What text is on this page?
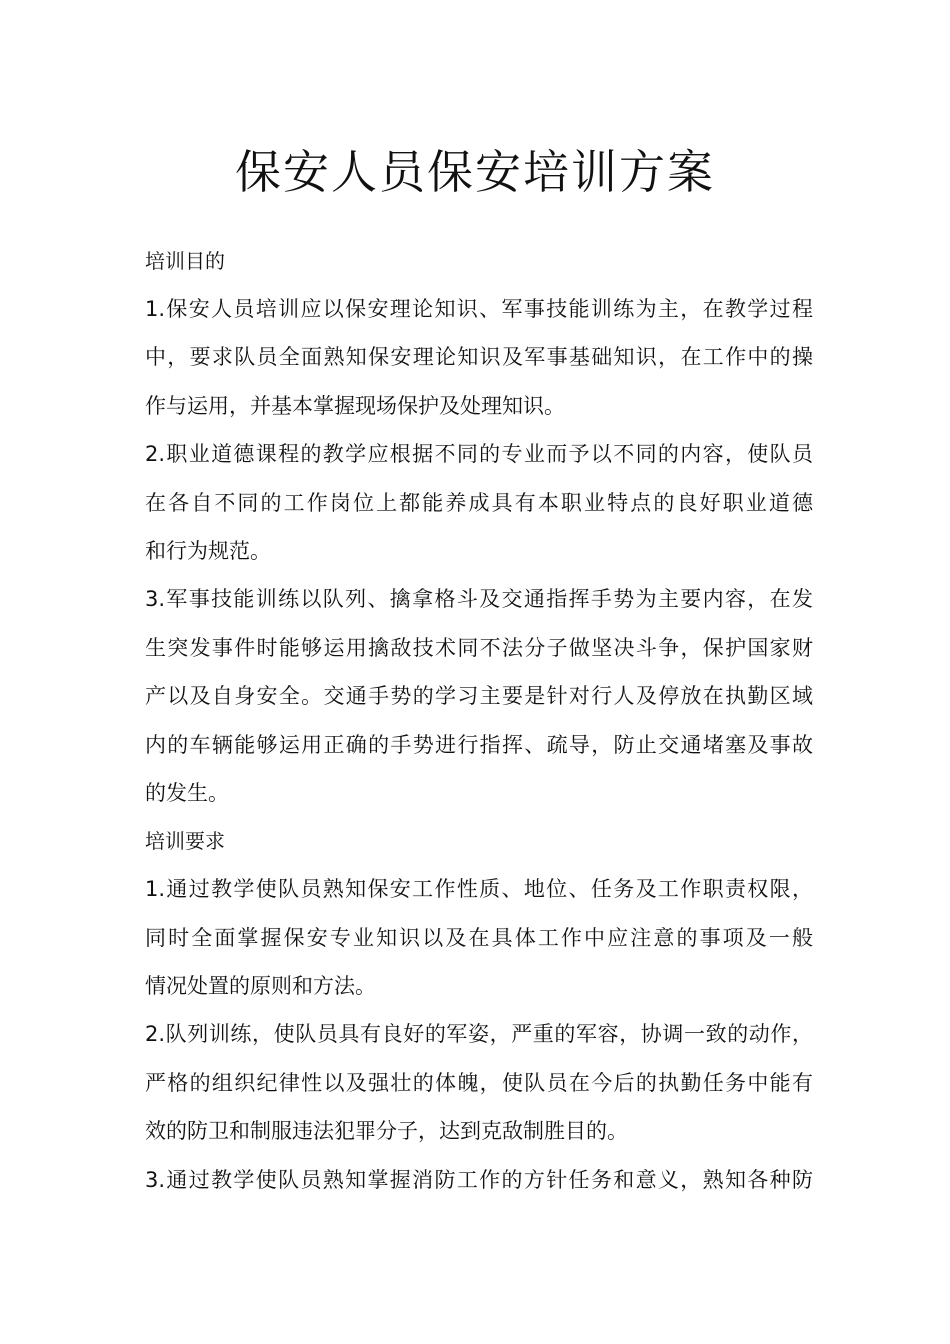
保安人员保安培训方案

培训目的

1.保安人员培训应以保安理论知识、军事技能训练为主，在教学过程
中，要求队员全面熟知保安理论知识及军事基础知识，在工作中的操
作与运用，并基本掌握现场保护及处理知识。

2.职业道德课程的教学应根据不同的专业而予以不同的内容，使队员
在各自不同的工作岗位上都能养成具有本职业特点的良好职业道德
和行为规范。

3.军事技能训练以队列、擒拿格斗及交通指挥手势为主要内容，在发
生突发事件时能够运用擒敌技术同不法分子做坚决斗争，保护国家财
产以及自身安全。交通手势的学习主要是针对行人及停放在执勤区域
内的车辆能够运用正确的手势进行指挥、疏导，防止交通堵塞及事故
的发生。

培训要求

1.通过教学使队员熟知保安工作性质、地位、任务及工作职责权限，
同时全面掌握保安专业知识以及在具体工作中应注意的事项及一般
情况处置的原则和方法。

2.队列训练，使队员具有良好的军姿，严重的军容，协调一致的动作，
严格的组织纪律性以及强壮的体魄，使队员在今后的执勤任务中能有
效的防卫和制服违法犯罪分子，达到克敌制胜目的。

3.通过教学使队员熟知掌握消防工作的方针任务和意义，熟知各种防
